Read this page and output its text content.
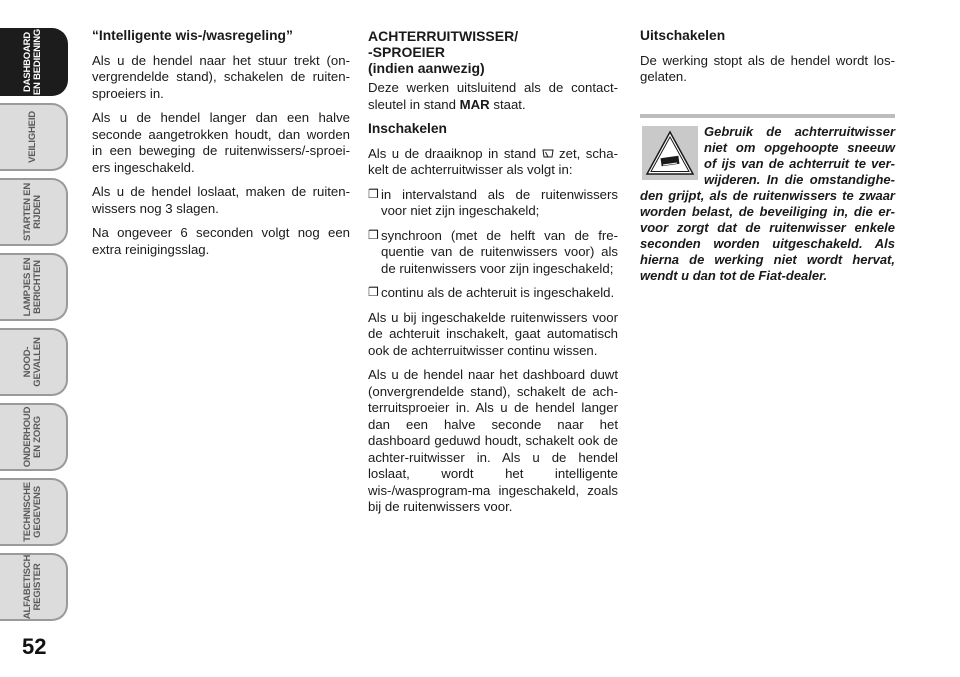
DASHBOARD
EN BEDIENING
VEILIGHEID
STARTEN EN
RIJDEN
LAMPJES EN
BERICHTEN
NOOD-
GEVALLEN
ONDERHOUD
EN ZORG
TECHNISCHE
GEGEVENS
ALFABETISCH
REGISTER
52

“Intelligente wis-/wasregeling”

Als u de hendel naar het stuur trekt (on-vergrendelde stand), schakelen de ruiten-sproeiers in.

Als u de hendel langer dan een halve seconde aangetrokken houdt, dan worden in een beweging de ruitenwissers/-sproei-ers ingeschakeld.

Als u de hendel loslaat, maken de ruiten-wissers nog 3 slagen.

Na ongeveer 6 seconden volgt nog een extra reinigingsslag.

ACHTERRUITWISSER/
-SPROEIER
(indien aanwezig)

Deze werken uitsluitend als de contact-sleutel in stand MAR staat.

Inschakelen

Als u de draaiknop in stand  zet, scha-kelt de achterruitwisser als volgt in:

❒ in intervalstand als de ruitenwissers voor niet zijn ingeschakeld;
❒ synchroon (met de helft van de fre-quentie van de ruitenwissers voor) als de ruitenwissers voor zijn ingeschakeld;
❒ continu als de achteruit is ingeschakeld.

Als u bij ingeschakelde ruitenwissers voor de achteruit inschakelt, gaat automatisch ook de achterruitwisser continu wissen.

Als u de hendel naar het dashboard duwt (onvergrendelde stand), schakelt de ach-terruitsproeier in. Als u de hendel langer dan een halve seconde naar het dashboard geduwd houdt, schakelt ook de achter-ruitwisser in. Als u de hendel loslaat, wordt het intelligente wis-/wasprogram-ma ingeschakeld, zoals bij de ruitenwissers voor.

Uitschakelen

De werking stopt als de hendel wordt los-gelaten.

Gebruik de achterruitwisser niet om opgehoopte sneeuw of ijs van de achterruit te ver-wijderen. In die omstandighe-den grijpt, als de ruitenwissers te zwaar worden belast, de beveiliging in, die er-voor zorgt dat de ruitenwisser enkele seconden worden uitgeschakeld. Als hierna de werking niet wordt hervat, wendt u dan tot de Fiat-dealer.
